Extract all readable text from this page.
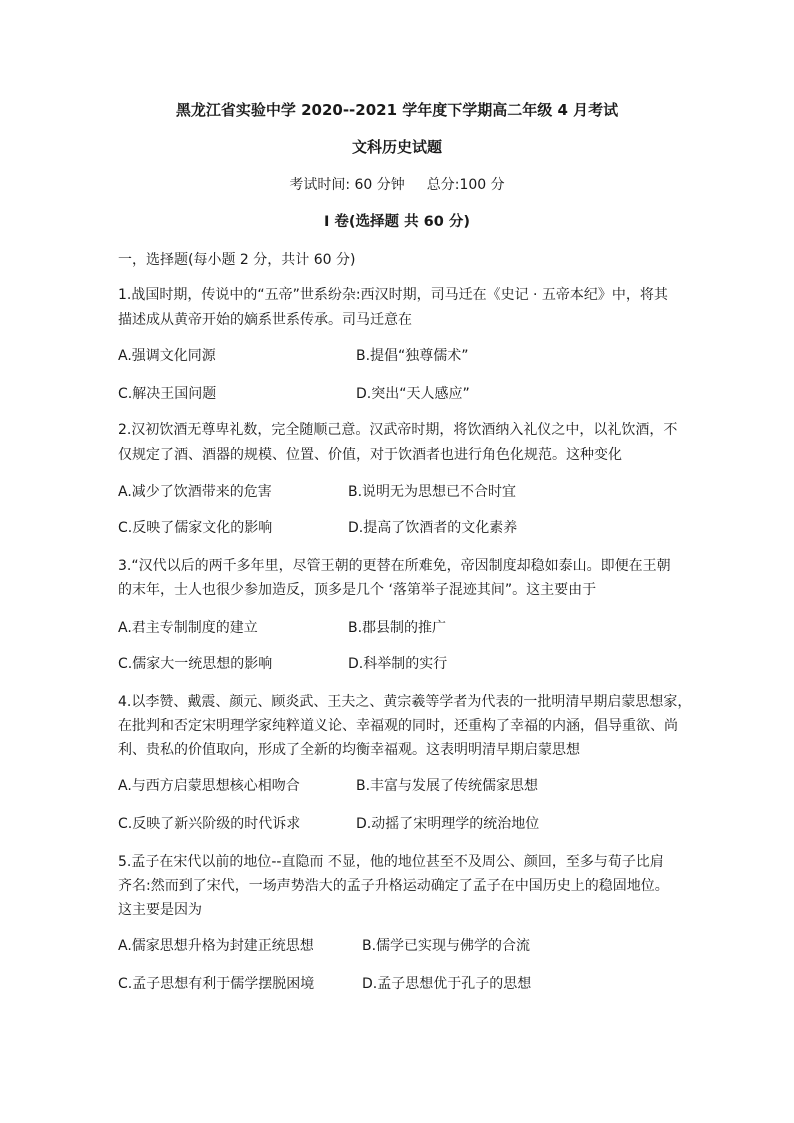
黑龙江省实验中学 2020--2021 学年度下学期高二年级 4 月考试
文科历史试题
考试时间: 60 分钟 总分:100 分
I 卷(选择题 共 60 分)
一，选择题(每小题 2 分，共计 60 分)
1.战国时期，传说中的“五帝”世系纷杂:西汉时期，司马迁在《史记 · 五帝本纪》中，将其
描述成从黄帝开始的嫡系世系传承。司马迁意在
A.强调文化同源	B.提倡“独尊儒术”
C.解决王国问题	D.突出“天人感应”
2.汉初饮酒无尊卑礼数，完全随顺己意。汉武帝时期，将饮酒纳入礼仪之中，以礼饮酒，不
仅规定了酒、酒器的规模、位置、价值，对于饮酒者也进行角色化规范。这种变化
A.减少了饮酒带来的危害	B.说明无为思想已不合时宜
C.反映了儒家文化的影响	D.提高了饮酒者的文化素养
3.“汉代以后的两千多年里，尽管王朝的更替在所难免，帝因制度却稳如泰山。即便在王朝
的末年，士人也很少参加造反，顶多是几个 ‘落第举子混迹其间”。这主要由于
A.君主专制制度的建立	B.郡县制的推广
C.儒家大一统思想的影响	D.科举制的实行
4.以李赞、戴震、颜元、顾炎武、王夫之、黄宗羲等学者为代表的一批明清早期启蒙思想家，
在批判和否定宋明理学家纯粹道义论、幸福观的同时，还重构了幸福的内涵，倡导重欲、尚
利、贵私的价值取向，形成了全新的均衡幸福观。这表明明清早期启蒙思想
A.与西方启蒙思想核心相吻合	B.丰富与发展了传统儒家思想
C.反映了新兴阶级的时代诉求	D.动摇了宋明理学的统治地位
5.孟子在宋代以前的地位--直隐而 不显，他的地位甚至不及周公、颜回，至多与荀子比肩
齐名:然而到了宋代，一场声势浩大的孟子升格运动确定了孟子在中国历史上的稳固地位。
这主要是因为
A.儒家思想升格为封建正统思想	B.儒学已实现与佛学的合流
C.孟子思想有利于儒学摆脱困境	D.孟子思想优于孔子的思想
